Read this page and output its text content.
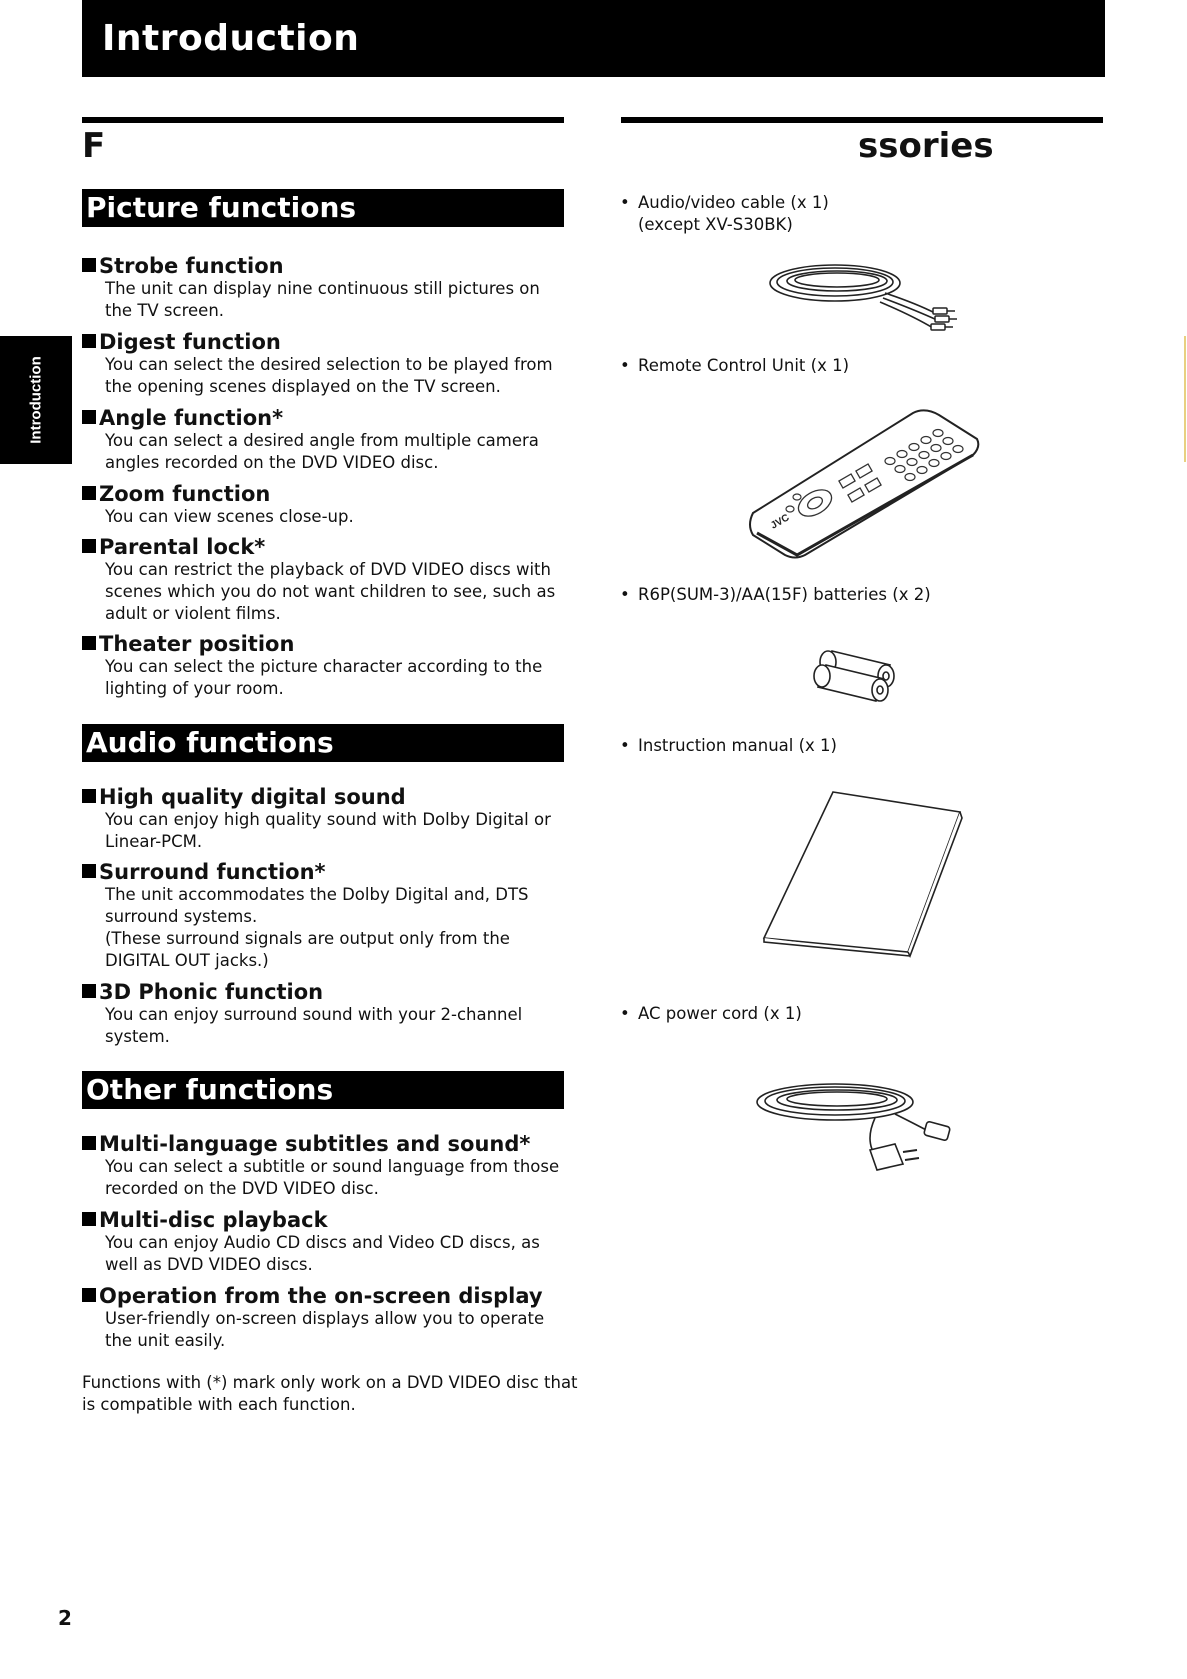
Introduction
Introduction
F	ssories
Picture functions

Strobe function

The unit can display nine continuous still pictures on the TV screen.

Digest function

You can select the desired selection to be played from the opening scenes displayed on the TV screen.

Angle function*

You can select a desired angle from multiple camera angles recorded on the DVD VIDEO disc.

Zoom function

You can view scenes close-up.

Parental lock*

You can restrict the playback of DVD VIDEO discs with scenes which you do not want children to see, such as adult or violent films.

Theater position

You can select the picture character according to the lighting of your room.

Audio functions

High quality digital sound

You can enjoy high quality sound with Dolby Digital or Linear-PCM.

Surround function*

The unit accommodates the Dolby Digital and, DTS surround systems.

(These surround signals are output only from the DIGITAL OUT jacks.)

3D Phonic function

You can enjoy surround sound with your 2-channel system.

Other functions

Multi-language subtitles and sound*

You can select a subtitle or sound language from those recorded on the DVD VIDEO disc.

Multi-disc playback

You can enjoy Audio CD discs and Video CD discs, as well as DVD VIDEO discs.

Operation from the on-screen display

User-friendly on-screen displays allow you to operate the unit easily.

Functions with (*) mark only work on a DVD VIDEO disc that is compatible with each function.

2

• Audio/video cable (x 1)
(except XV-S30BK)
• Remote Control Unit (x 1)
JVC
• R6P(SUM-3)/AA(15F) batteries (x 2)
• Instruction manual (x 1)
• AC power cord (x 1)
